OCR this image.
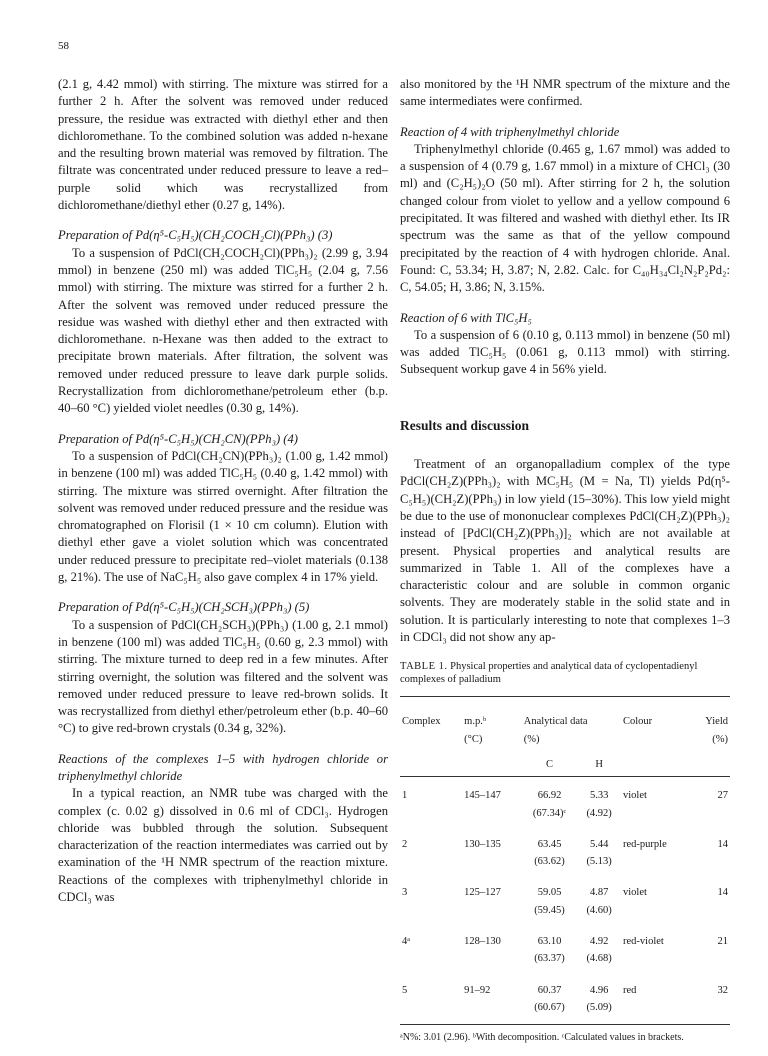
58

(2.1 g, 4.42 mmol) with stirring. The mixture was stirred for a further 2 h. After the solvent was removed under reduced pressure, the residue was extracted with diethyl ether and then dichloromethane. To the combined solution was added n-hexane and the resulting brown material was removed by filtration. The filtrate was concentrated under reduced pressure to leave a red–purple solid which was recrystallized from dichloromethane/diethyl ether (0.27 g, 14%).

Preparation of Pd(η⁵-C₅H₅)(CH₂COCH₂Cl)(PPh₃) (3)

To a suspension of PdCl(CH₂COCH₂Cl)(PPh₃)₂ (2.99 g, 3.94 mmol) in benzene (250 ml) was added TlC₅H₅ (2.04 g, 7.56 mmol) with stirring. The mixture was stirred for a further 2 h. After the solvent was removed under reduced pressure the residue was washed with diethyl ether and then extracted with dichloromethane. n-Hexane was then added to the extract to precipitate brown materials. After filtration, the solvent was removed under reduced pressure to leave dark purple solids. Recrystallization from dichloromethane/petroleum ether (b.p. 40–60 °C) yielded violet needles (0.30 g, 14%).

Preparation of Pd(η⁵-C₅H₅)(CH₂CN)(PPh₃) (4)

To a suspension of PdCl(CH₂CN)(PPh₃)₂ (1.00 g, 1.42 mmol) in benzene (100 ml) was added TlC₅H₅ (0.40 g, 1.42 mmol) with stirring. The mixture was stirred overnight. After filtration the solvent was removed under reduced pressure and the residue was chromatographed on Florisil (1 × 10 cm column). Elution with diethyl ether gave a violet solution which was concentrated under reduced pressure to precipitate red–violet materials (0.138 g, 21%). The use of NaC₅H₅ also gave complex 4 in 17% yield.

Preparation of Pd(η⁵-C₅H₅)(CH₂SCH₃)(PPh₃) (5)

To a suspension of PdCl(CH₂SCH₃)(PPh₃) (1.00 g, 2.1 mmol) in benzene (100 ml) was added TlC₅H₅ (0.60 g, 2.3 mmol) with stirring. The mixture turned to deep red in a few minutes. After stirring overnight, the solution was filtered and the solvent was removed under reduced pressure to leave red-brown solids. It was recrystallized from diethyl ether/petroleum ether (b.p. 40–60 °C) to give red-brown crystals (0.34 g, 32%).

Reactions of the complexes 1–5 with hydrogen chloride or triphenylmethyl chloride

In a typical reaction, an NMR tube was charged with the complex (c. 0.02 g) dissolved in 0.6 ml of CDCl₃. Hydrogen chloride was bubbled through the solution. Subsequent characterization of the reaction intermediates was carried out by examination of the ¹H NMR spectrum of the reaction mixture. Reactions of the complexes with triphenylmethyl chloride in CDCl₃ was

also monitored by the ¹H NMR spectrum of the mixture and the same intermediates were confirmed.

Reaction of 4 with triphenylmethyl chloride

Triphenylmethyl chloride (0.465 g, 1.67 mmol) was added to a suspension of 4 (0.79 g, 1.67 mmol) in a mixture of CHCl₃ (30 ml) and (C₂H₅)₂O (50 ml). After stirring for 2 h, the solution changed colour from violet to yellow and a yellow compound 6 precipitated. It was filtered and washed with diethyl ether. Its IR spectrum was the same as that of the yellow compound precipitated by the reaction of 4 with hydrogen chloride. Anal. Found: C, 53.34; H, 3.87; N, 2.82. Calc. for C₄₀H₃₄Cl₂N₂P₂Pd₂: C, 54.05; H, 3.86; N, 3.15%.

Reaction of 6 with TlC₅H₅

To a suspension of 6 (0.10 g, 0.113 mmol) in benzene (50 ml) was added TlC₅H₅ (0.061 g, 0.113 mmol) with stirring. Subsequent workup gave 4 in 56% yield.

Results and discussion

Treatment of an organopalladium complex of the type PdCl(CH₂Z)(PPh₃)₂ with MC₅H₅ (M = Na, Tl) yields Pd(η⁵-C₅H₅)(CH₂Z)(PPh₃) in low yield (15–30%). This low yield might be due to the use of mononuclear complexes PdCl(CH₂Z)(PPh₃)₂ instead of [PdCl(CH₂Z)(PPh₃)]₂ which are not available at present. Physical properties and analytical results are summarized in Table 1. All of the complexes have a characteristic colour and are soluble in common organic solvents. They are moderately stable in the solid state and in solution. It is particularly interesting to note that complexes 1–3 in CDCl₃ did not show any ap-

TABLE 1. Physical properties and analytical data of cyclopentadienyl complexes of palladium
Complex	m.p.ᵇ
(°C)	Analytical data
(%)		Colour	Yield
(%)
		C	H		
1	145–147	66.92	5.33	violet	27
		(67.34)ᶜ	(4.92)		
2	130–135	63.45	5.44	red-purple	14
		(63.62)	(5.13)		
3	125–127	59.05	4.87	violet	14
		(59.45)	(4.60)		
4ᵃ	128–130	63.10	4.92	red-violet	21
		(63.37)	(4.68)		
5	91–92	60.37	4.96	red	32
		(60.67)	(5.09)		
ᵃN%: 3.01 (2.96). ᵇWith decomposition. ᶜCalculated values in brackets.
